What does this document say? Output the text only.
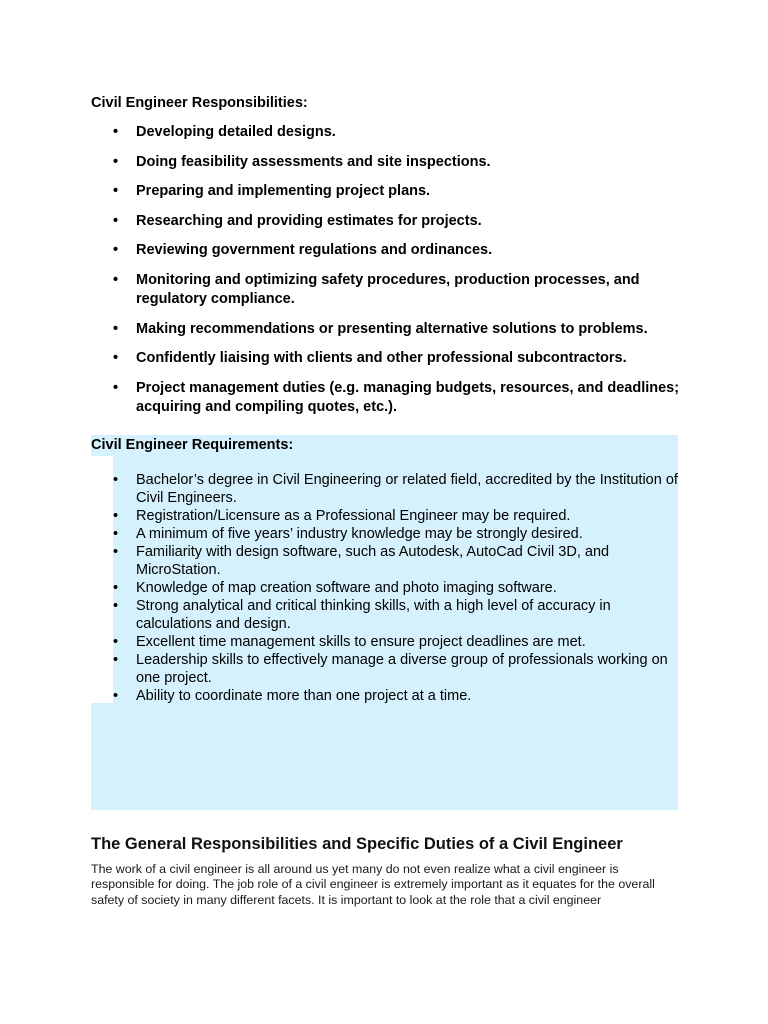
Civil Engineer Responsibilities:

•	Developing detailed designs.
•	Doing feasibility assessments and site inspections.
•	Preparing and implementing project plans.
•	Researching and providing estimates for projects.
•	Reviewing government regulations and ordinances.
•	Monitoring and optimizing safety procedures, production processes, and regulatory compliance.
•	Making recommendations or presenting alternative solutions to problems.
•	Confidently liaising with clients and other professional subcontractors.
•	Project management duties (e.g. managing budgets, resources, and deadlines; acquiring and compiling quotes, etc.).

Civil Engineer Requirements:

•	Bachelor’s degree in Civil Engineering or related field, accredited by the Institution of Civil Engineers.
•	Registration/Licensure as a Professional Engineer may be required.
•	A minimum of five years’ industry knowledge may be strongly desired.
•	Familiarity with design software, such as Autodesk, AutoCad Civil 3D, and MicroStation.
•	Knowledge of map creation software and photo imaging software.
•	Strong analytical and critical thinking skills, with a high level of accuracy in calculations and design.
•	Excellent time management skills to ensure project deadlines are met.
•	Leadership skills to effectively manage a diverse group of professionals working on one project.
•	Ability to coordinate more than one project at a time.
The General Responsibilities and Specific Duties of a Civil Engineer

The work of a civil engineer is all around us yet many do not even realize what a civil engineer is responsible for doing. The job role of a civil engineer is extremely important as it equates for the overall safety of society in many different facets. It is important to look at the role that a civil engineer
